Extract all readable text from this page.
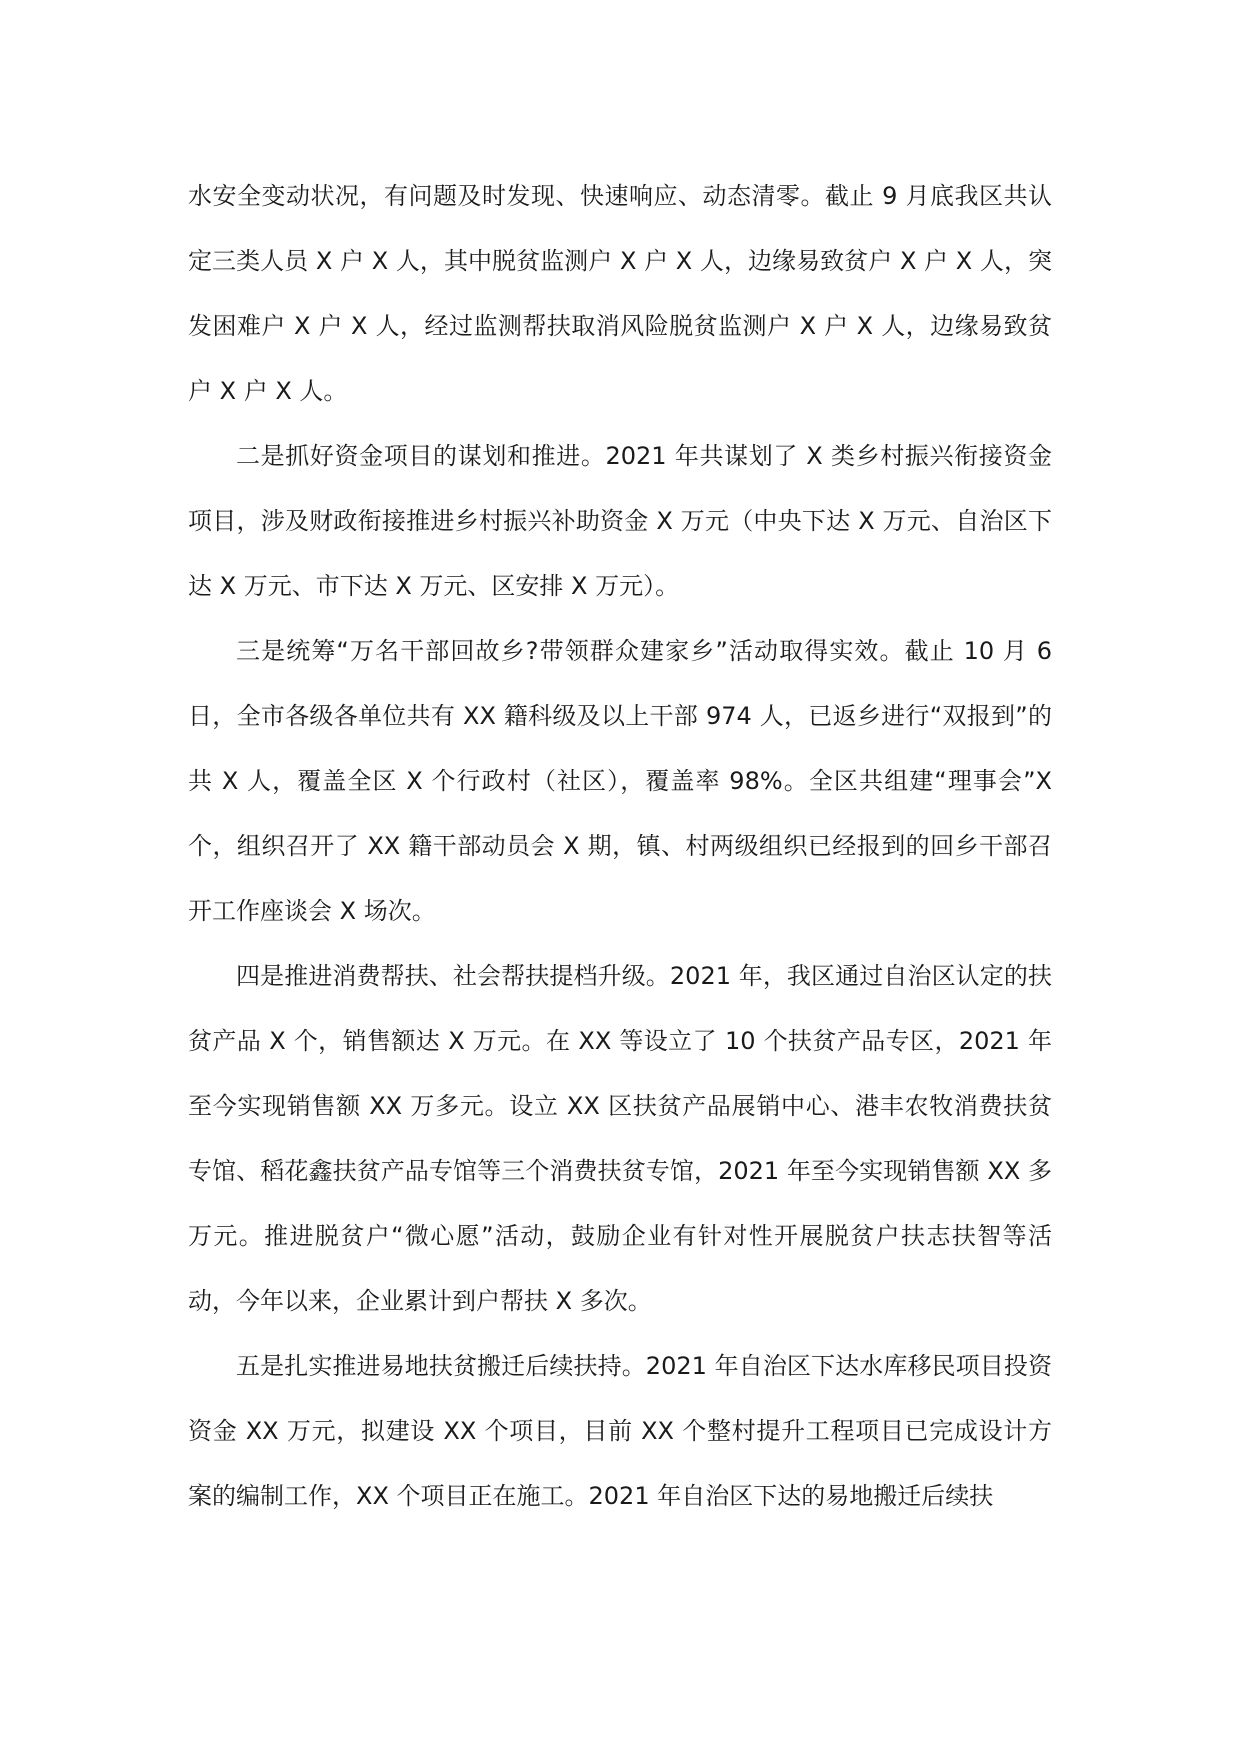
水安全变动状况，有问题及时发现、快速响应、动态清零。截止 9 月底我区共认定三类人员 X 户 X 人，其中脱贫监测户 X 户 X 人，边缘易致贫户 X 户 X 人，突发困难户 X 户 X 人，经过监测帮扶取消风险脱贫监测户 X 户 X 人，边缘易致贫户 X 户 X 人。

二是抓好资金项目的谋划和推进。2021 年共谋划了 X 类乡村振兴衔接资金项目，涉及财政衔接推进乡村振兴补助资金 X 万元（中央下达 X 万元、自治区下达 X 万元、市下达 X 万元、区安排 X 万元）。

三是统筹“万名干部回故乡?带领群众建家乡”活动取得实效。截止 10 月 6 日，全市各级各单位共有 XX 籍科级及以上干部 974 人，已返乡进行“双报到”的共 X 人，覆盖全区 X 个行政村（社区），覆盖率 98%。全区共组建“理事会”X 个，组织召开了 XX 籍干部动员会 X 期，镇、村两级组织已经报到的回乡干部召开工作座谈会 X 场次。

四是推进消费帮扶、社会帮扶提档升级。2021 年，我区通过自治区认定的扶贫产品 X 个，销售额达 X 万元。在 XX 等设立了 10 个扶贫产品专区，2021 年至今实现销售额 XX 万多元。设立 XX 区扶贫产品展销中心、港丰农牧消费扶贫专馆、稻花鑫扶贫产品专馆等三个消费扶贫专馆，2021 年至今实现销售额 XX 多万元。推进脱贫户“微心愿”活动，鼓励企业有针对性开展脱贫户扶志扶智等活动，今年以来，企业累计到户帮扶 X 多次。

五是扎实推进易地扶贫搬迁后续扶持。2021 年自治区下达水库移民项目投资资金 XX 万元，拟建设 XX 个项目，目前 XX 个整村提升工程项目已完成设计方案的编制工作，XX 个项目正在施工。2021 年自治区下达的易地搬迁后续扶
